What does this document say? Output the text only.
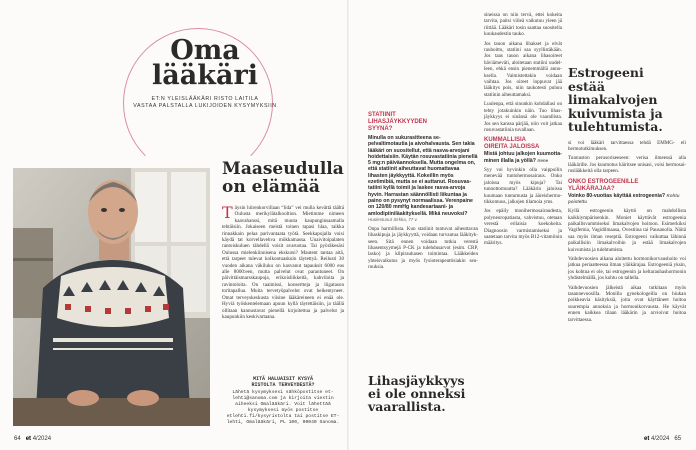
Oma
lääkäri
ET:N YLEISLÄÄKÄRI RISTO LAITILA
VASTAA PALSTALLA LUKIJOIDEN KYSYMYKSIIN
Maaseudulla
on elämää
T äysin hiirenkorvillaan “lida” vei mulla kevättä täältä Oulusta merikylätalkooltion. Mietimme nimeen kaavahanssi, mitä muuta kaupunginsaamalla tehtäisiin. Jokaiseen meistä toinen tapasi hlaa, taikka rinnakkain pelaa parivantaata työtä. Seekkapojalla voisi käydä tat korvellavehva mökkamassa. Uuaivitoipalaten rantoiskuluen tähdellä voisit avaruotaa. Tai pyöräkesäsi Oulussa mielenkiinnisena ekskursi? Mautent tantaa aitä, että tarpeet tulevat kolkontuaskuin täytettyä. Reilusti 30 vuoden aikana väkiluku on kasvanut tapauksit 6000 eus alle 8000:een, mutta palvelut ovat parantuneet. On päivittäismarsskaupoja, erikoisliikkeitä, kahviloita ja ravintoloita. On taaimissi, konsertteja ja liigatason toritapallua. Muita tervetyöpalvelut ovat heikentyneet. Omat terveyskeskusta viisine lääkäreineen ei enää ole. Hyviä työskentelemaan apuun kyllä täytettäisiin, ja täällä ollitaan kannustavat pienellä kirjoitettua ja palvelut ja kaupunkiin keskivartaana.
MITÄ HALUAISIT KYSYÄ
RISTOLTA TERVEYDESTÄ?
Lähetä kysymyksesi sähköpostitse et-lehti@sanoma.com ja kirjoita viestin aiheeksi Omalääkäri. Voit lähettää kysymyksesi myös postitse etlehti.fi/kysyristolta tai postitse ET-lehti, Omalääkäri, PL 100, 00040 Sanoma.
64 et 4/2024
STATIINIT
LIHASJÄYKKYYDEN
SYYNÄ?
Minulla on sukurasitteena sepelvaltimotautia ja aivohalvausta. Sen takia lääkäri on suositellut, että nasva-arvojani hoidettaisiin. Käytän rosuvastatiinia pienellä 5 mg:n päiväannoksella. Mutta ongelma on, että statiinit aiheuttavat huomattavaa lihasten jäykkyyttä. Kokeillin myös ezetimibiä, mutta se ei auttanut. Rosuvastatiini kyllä toimii ja laskee rasva-arvoja hyvin. Harrastan säännöllisti liikuntaa ja paino on pysynyt normaalissa. Verenpaine on 120/80 mmHg kandesartaani- ja amlodipiiniläakityksellä. Mikä neuvoksi?
Huolestunut Sirkka, 77 v.
Onpa harmillista. Kun statiinit tuntuvat aiheuttavan lihaskipuja ja jäykkyyttä, voidaan turvautua lääkitykseen. Sitä ennen voidaan tutkia verestä lihasentsyymejä P-CK ja tulehdusarvot (esim. CRP, lasko) ja kilpirauhasen toimintaa. Lääkkeiden yhteisvaikutus ja myös fysioterapeuttisiakin seuruuksia.
Lihasjäykkyys
ei ole onneksi
vaarallista.
sineissa on niin tervä, ettei kokeita tarvita, paitsi viileä vaikutuu yleen jä riittää. Lääkäri tosin saattaa suositella kuukaudestin tauko.
Jos tauon aikana lihakset ja elvät rauhoittu, statiini saa syyllistäkään. Jos taas tauon aikana lihasoireet häviämeväti, aloitetaan statiini uudelleen, ehkä ensin pienemmällä annoksella. Vaimistettakin voidaan vaihtaa. Jos oireet loppuvat jää lääkitys pois, niin taukotesti puhuu statiinin aiheuttamaksi.
Luulenpa, että sinunkin kohdallasi on tehty jotakuinkin näin. Tuo lihasjäykkyys ei sinänsä ole vaarallista. Jos sen kanssa pärjää, niin voit jatkaa rosuvastatiinia tuvallaan.
KUMMALLISIA
OIREITA JALOISSA
Mistä johtuu jalkojen kuumottaminen illalla ja yöllä? Irene
Syy voi hyvinkin olla vaippoilin menevää tuntohermosairaus. Onko jaloissa myös kipuja? Tai tunnottomuutta? Lääkärin jaloissa kuumaan tuntumusta ja ääreishermotikkomuus, jalkojen tilamoia yms.
Jos epäily monihermosairaudesta, polyneuropatiasta, vahvistuu, otetaan verestä erilaisia koekokeita. Diagnoosin varmistamiseksi ja saatetaan tarvita myös B12-vitamiinin määritys.
Estrogeeni
estää
limakalvojen
kuivumista ja
tulehtumista.
si voi lääkäri tarvittaessa tehdä EMMG- eli hermotutkimuksen.
Tunnuston perusoriseeseen: verisa ilmeessä alla lääkärille. Jos kuumotus häiritsee unisasi, voisi hermosairuslääkkeitä olla tarpeen.
ONKO ESTROGEENILLE
YLÄIKÄRAJAA?
Voinko 80-vuotias käyttää estrogeenia? Kohtu poistettu
Kyllä estrogeenin käyttö on mahdollista kaikkiympärisenkin. Moniet käyttävät estrogeenia paikallisvammiseksi limakalvojen hoitoon. Esimerkiksi Vagifemia, Vagidilmaasa, Ovestiina tai Pausanolla. Näitä saa myös ilman reseptiä. Estrogeeni vaikuttaa lähinnä paikallisiin limakalvoihin ja estää limakalvojen kuivumista ja tulehtumista.
Vaihdevuosien aikana aloitettu hormonikorvaushoito voi jatkua periaatteessa ilman yläikärajaa. Estrogeeniä yksin, jos kohtua ei ole, tai estrogeenin ja keltarauhashormonin yhdistelmällä, jos kohtu on tallella.
Vaihdevuosien jälkeistä aikaa tutkitaan myös tasannevuosilla. Monilla gynekologeilla on hiukan poikkeavia käsityksiä, joita ovat käyttäneet hoitoa suurempia annoksia ja hormonikorvausta. He käyvät ennen kaikkea tilaan lääkärin ja arvioivat hoitoa tarvittaessa.
et 4/2024 65
